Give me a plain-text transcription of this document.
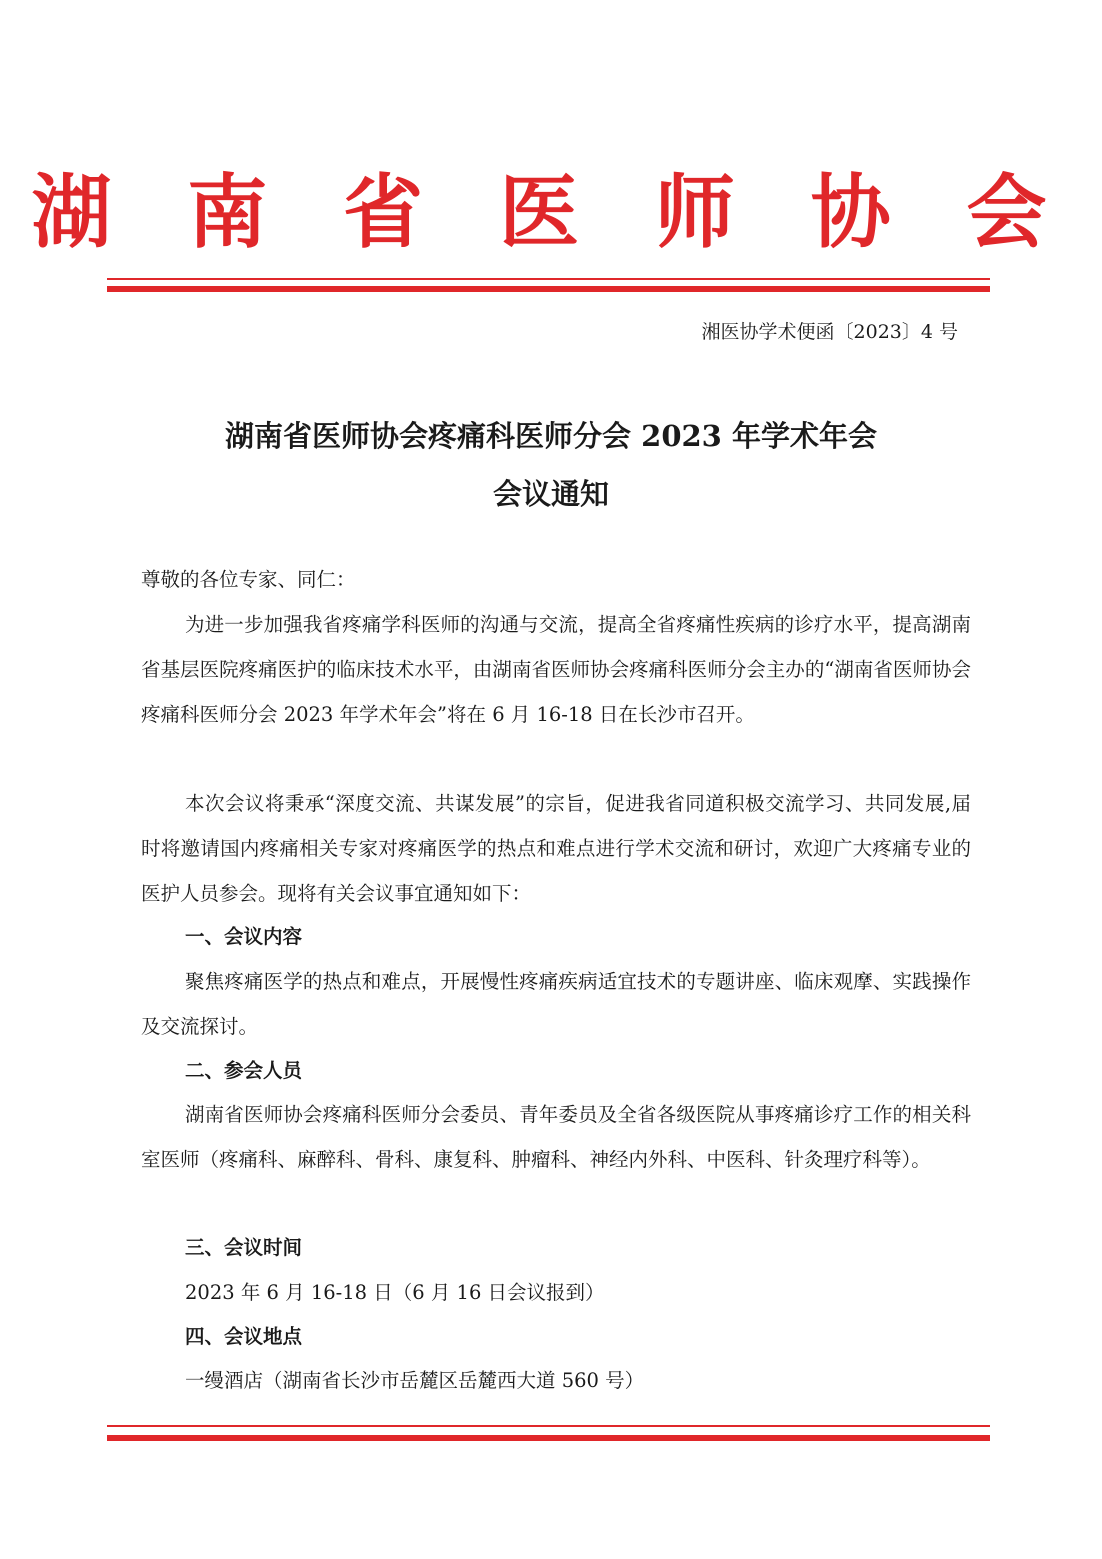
湖 南 省 医 师 协 会
湘医协学术便函〔2023〕4 号
湖南省医师协会疼痛科医师分会 2023 年学术年会
会议通知
尊敬的各位专家、同仁：
为进一步加强我省疼痛学科医师的沟通与交流，提高全省疼痛性疾病的诊疗水平，提高湖南省基层医院疼痛医护的临床技术水平，由湖南省医师协会疼痛科医师分会主办的“湖南省医师协会疼痛科医师分会 2023 年学术年会”将在 6 月 16-18 日在长沙市召开。
本次会议将秉承“深度交流、共谋发展”的宗旨，促进我省同道积极交流学习、共同发展,届时将邀请国内疼痛相关专家对疼痛医学的热点和难点进行学术交流和研讨，欢迎广大疼痛专业的医护人员参会。现将有关会议事宜通知如下：
一、会议内容
聚焦疼痛医学的热点和难点，开展慢性疼痛疾病适宜技术的专题讲座、临床观摩、实践操作及交流探讨。
二、参会人员
湖南省医师协会疼痛科医师分会委员、青年委员及全省各级医院从事疼痛诊疗工作的相关科室医师（疼痛科、麻醉科、骨科、康复科、肿瘤科、神经内外科、中医科、针灸理疗科等）。
三、会议时间
2023 年 6 月 16-18 日（6 月 16 日会议报到）
四、会议地点
一缦酒店（湖南省长沙市岳麓区岳麓西大道 560 号）
